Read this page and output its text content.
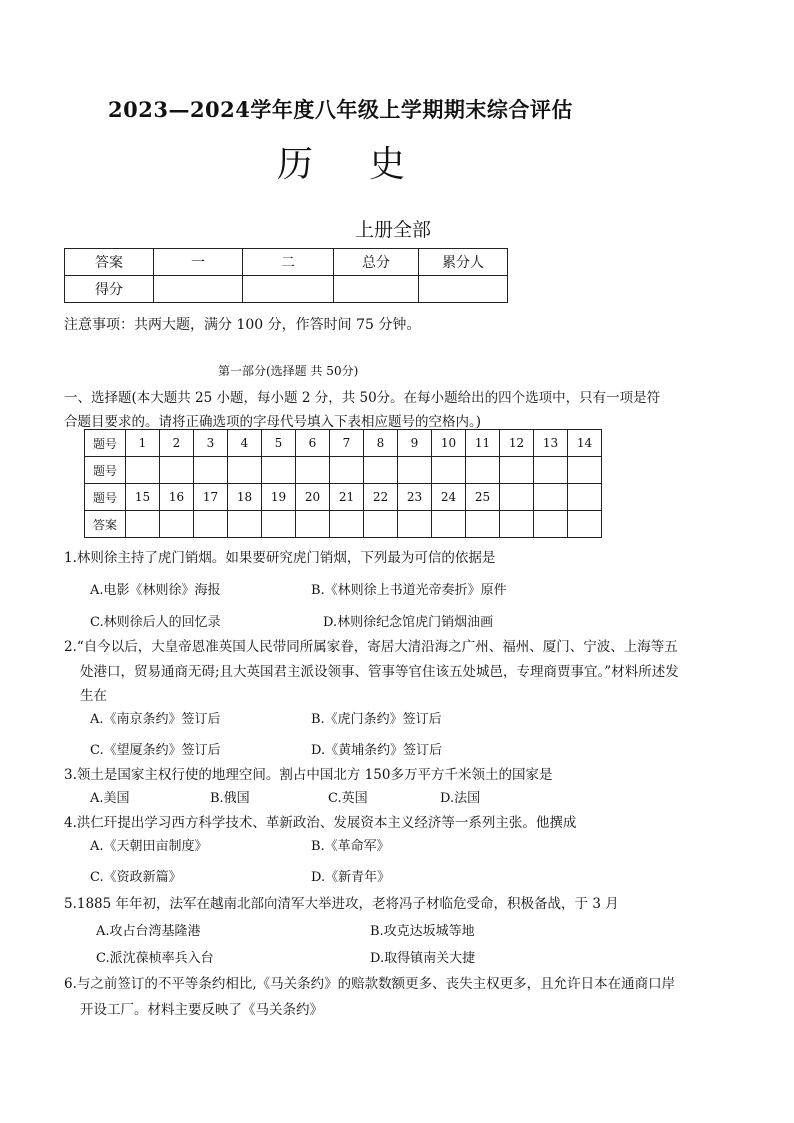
2023—2024学年度八年级上学期期末综合评估
历史
上册全部
答案	一	二	总分	累分人
得分				
注意事项：共两大题，满分 100 分，作答时间 75 分钟。
第一部分(选择题 共 50分)
一、选择题(本大题共 25 小题，每小题 2 分，共 50分。在每小题给出的四个选项中，只有一项是符
合题目要求的。请将正确选项的字母代号填入下表相应题号的空格内。)
题号	1	2	3	4	5	6	7	8	9	10	11	12	13	14
题号														
题号	15	16	17	18	19	20	21	22	23	24	25			
答案														
1.林则徐主持了虎门销烟。如果要研究虎门销烟，下列最为可信的依据是
A.电影《林则徐》海报	B.《林则徐上书道光帝奏折》原件
C.林则徐后人的回忆录	D.林则徐纪念馆虎门销烟油画
2.“自今以后，大皇帝恩准英国人民带同所属家眷，寄居大清沿海之广州、福州、厦门、宁波、上海等五
处港口，贸易通商无碍;且大英国君主派设领事、管事等官住该五处城邑，专理商贾事宜。”材料所述发
生在
A.《南京条约》签订后	B.《虎门条约》签订后
C.《望厦条约》签订后	D.《黄埔条约》签订后
3.领土是国家主权行使的地理空间。割占中国北方 150多万平方千米领土的国家是
A.美国	B.俄国	C.英国	D.法国
4.洪仁玕提出学习西方科学技术、革新政治、发展资本主义经济等一系列主张。他撰成
A.《天朝田亩制度》	B.《革命军》
C.《资政新篇》	D.《新青年》
5.1885 年年初，法军在越南北部向清军大举进攻，老将冯子材临危受命，积极备战，于 3 月
A.攻占台湾基隆港	B.攻克达坂城等地
C.派沈葆桢率兵入台	D.取得镇南关大捷
6.与之前签订的不平等条约相比,《马关条约》的赔款数额更多、丧失主权更多，且允许日本在通商口岸
开设工厂。材料主要反映了《马关条约》
